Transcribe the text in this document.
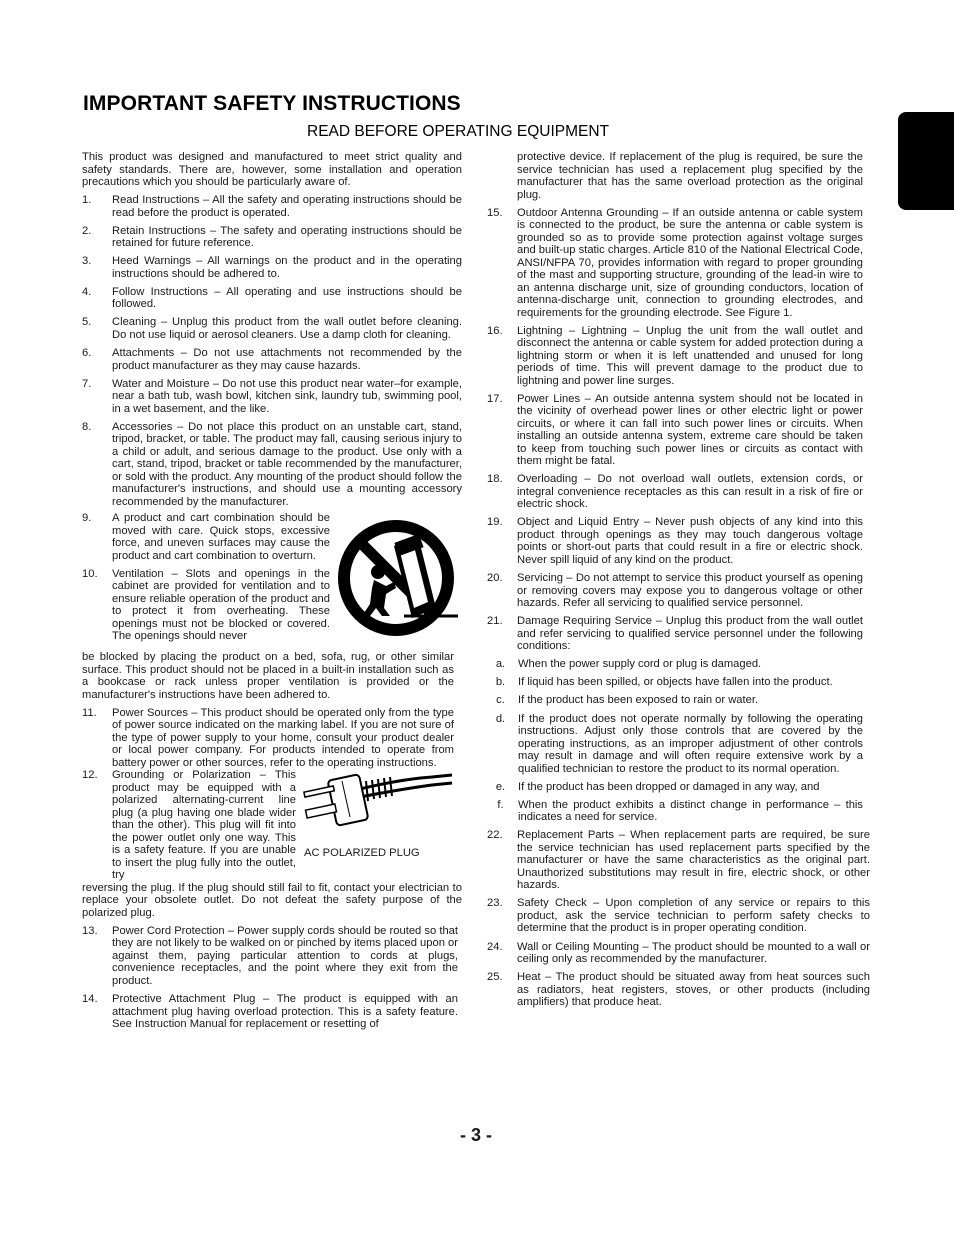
IMPORTANT SAFETY INSTRUCTIONS
READ BEFORE OPERATING EQUIPMENT

This product was designed and manufactured to meet strict quality and safety standards. There are, however, some installation and operation precautions which you should be particularly aware of.

1.	Read Instructions – All the safety and operating instructions should be read before the product is operated.
2.	Retain Instructions – The safety and operating instructions should be retained for future reference.
3.	Heed Warnings – All warnings on the product and in the operating instructions should be adhered to.
4.	Follow Instructions – All operating and use instructions should be followed.
5.	Cleaning – Unplug this product from the wall outlet before cleaning. Do not use liquid or aerosol cleaners. Use a damp cloth for cleaning.
6.	Attachments – Do not use attachments not recommended by the product manufacturer as they may cause hazards.
7.	Water and Moisture – Do not use this product near water–for example, near a bath tub, wash bowl, kitchen sink, laundry tub, swimming pool, in a wet basement, and the like.
8.	Accessories – Do not place this product on an unstable cart, stand, tripod, bracket, or table. The product may fall, causing serious injury to a child or adult, and serious damage to the product. Use only with a cart, stand, tripod, bracket or table recommended by the manufacturer, or sold with the product. Any mounting of the product should follow the manufacturer's instructions, and should use a mounting accessory recommended by the manufacturer.
9.	A product and cart combination should be moved with care. Quick stops, excessive force, and uneven surfaces may cause the product and cart combination to overturn.
10.	Ventilation – Slots and openings in the cabinet are provided for ventilation and to ensure reliable operation of the product and to protect it from overheating. These openings must not be blocked or covered. The openings should never

be blocked by placing the product on a bed, sofa, rug, or other similar surface. This product should not be placed in a built-in installation such as a bookcase or rack unless proper ventilation is provided or the manufacturer's instructions have been adhered to.

11.	Power Sources – This product should be operated only from the type of power source indicated on the marking label. If you are not sure of the type of power supply to your home, consult your product dealer or local power company. For products intended to operate from battery power or other sources, refer to the operating instructions.
AC POLARIZED PLUG
12.	Grounding or Polarization – This product may be equipped with a polarized alternating-current line plug (a plug having one blade wider than the other). This plug will fit into the power outlet only one way. This is a safety feature. If you are unable to insert the plug fully into the outlet, try

reversing the plug. If the plug should still fail to fit, contact your electrician to replace your obsolete outlet. Do not defeat the safety purpose of the polarized plug.

13.	Power Cord Protection – Power supply cords should be routed so that they are not likely to be walked on or pinched by items placed upon or against them, paying particular attention to cords at plugs, convenience receptacles, and the point where they exit from the product.
14.	Protective Attachment Plug – The product is equipped with an attachment plug having overload protection. This is a safety feature. See Instruction Manual for replacement or resetting of

protective device. If replacement of the plug is required, be sure the service technician has used a replacement plug specified by the manufacturer that has the same overload protection as the original plug.

15.	Outdoor Antenna Grounding – If an outside antenna or cable system is connected to the product, be sure the antenna or cable system is grounded so as to provide some protection against voltage surges and built-up static charges. Article 810 of the National Electrical Code, ANSI/NFPA 70, provides information with regard to proper grounding of the mast and supporting structure, grounding of the lead-in wire to an antenna discharge unit, size of grounding conductors, location of antenna-discharge unit, connection to grounding electrodes, and requirements for the grounding electrode. See Figure 1.
16.	Lightning – Lightning – Unplug the unit from the wall outlet and disconnect the antenna or cable system for added protection during a lightning storm or when it is left unattended and unused for long periods of time. This will prevent damage to the product due to lightning and power line surges.
17.	Power Lines – An outside antenna system should not be located in the vicinity of overhead power lines or other electric light or power circuits, or where it can fall into such power lines or circuits. When installing an outside antenna system, extreme care should be taken to keep from touching such power lines or circuits as contact with them might be fatal.
18.	Overloading – Do not overload wall outlets, extension cords, or integral convenience receptacles as this can result in a risk of fire or electric shock.
19.	Object and Liquid Entry – Never push objects of any kind into this product through openings as they may touch dangerous voltage points or short-out parts that could result in a fire or electric shock. Never spill liquid of any kind on the product.
20.	Servicing – Do not attempt to service this product yourself as opening or removing covers may expose you to dangerous voltage or other hazards. Refer all servicing to qualified service personnel.
21.	Damage Requiring Service – Unplug this product from the wall outlet and refer servicing to qualified service personnel under the following conditions:
a.	When the power supply cord or plug is damaged.
b.	If liquid has been spilled, or objects have fallen into the product.
c.	If the product has been exposed to rain or water.
d.	If the product does not operate normally by following the operating instructions. Adjust only those controls that are covered by the operating instructions, as an improper adjustment of other controls may result in damage and will often require extensive work by a qualified technician to restore the product to its normal operation.
e.	If the product has been dropped or damaged in any way, and
f.	When the product exhibits a distinct change in performance – this indicates a need for service.
22.	Replacement Parts – When replacement parts are required, be sure the service technician has used replacement parts specified by the manufacturer or have the same characteristics as the original part. Unauthorized substitutions may result in fire, electric shock, or other hazards.
23.	Safety Check – Upon completion of any service or repairs to this product, ask the service technician to perform safety checks to determine that the product is in proper operating condition.
24.	Wall or Ceiling Mounting – The product should be mounted to a wall or ceiling only as recommended by the manufacturer.
25.	Heat – The product should be situated away from heat sources such as radiators, heat registers, stoves, or other products (including amplifiers) that produce heat.

- 3 -
